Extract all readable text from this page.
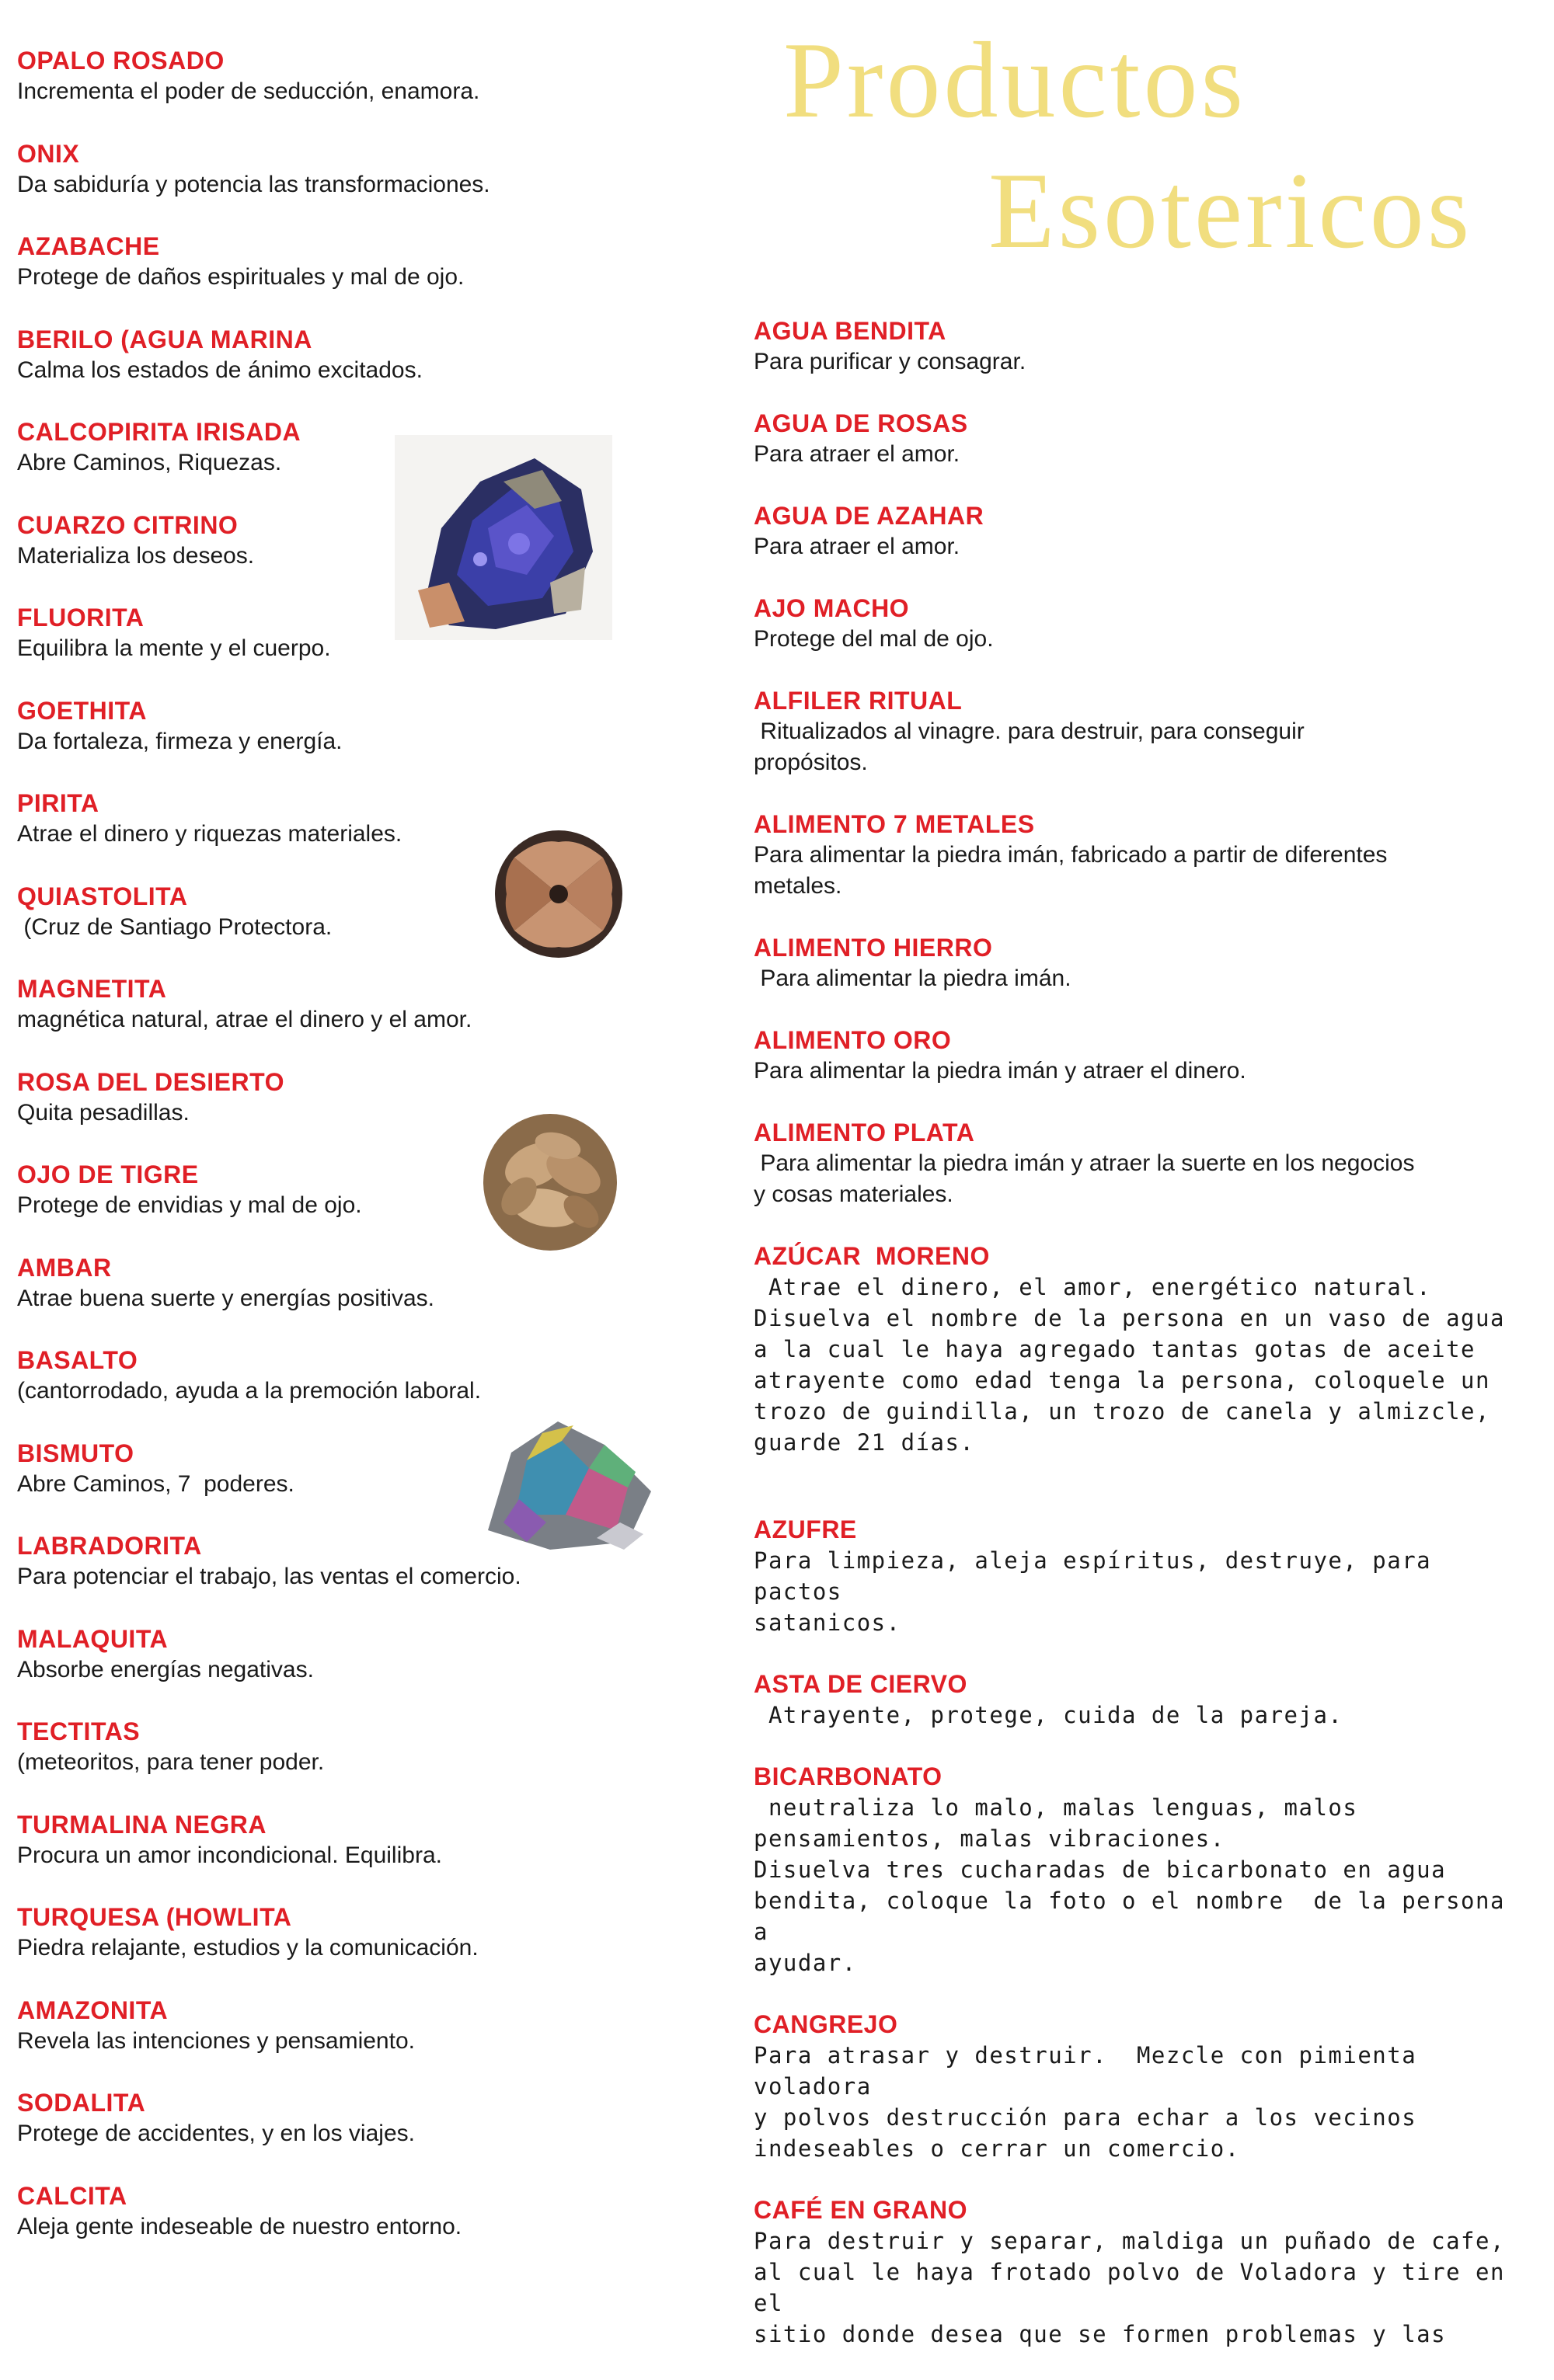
Productos
Esotericos
OPALO ROSADO
Incrementa el poder de seducción, enamora.
ONIX
Da sabiduría y potencia las transformaciones.
AZABACHE
Protege de daños espirituales y mal de ojo.
BERILO (AGUA MARINA
Calma los estados de ánimo excitados.
CALCOPIRITA IRISADA
Abre Caminos, Riquezas.
CUARZO CITRINO
Materializa los deseos.
FLUORITA
Equilibra la mente y el cuerpo.
GOETHITA
Da fortaleza, firmeza y energía.
PIRITA
Atrae el dinero y riquezas materiales.
QUIASTOLITA
(Cruz de Santiago Protectora.
MAGNETITA
magnética natural, atrae el dinero y el amor.
ROSA DEL DESIERTO
Quita pesadillas.
OJO DE TIGRE
Protege de envidias y mal de ojo.
AMBAR
Atrae buena suerte y energías positivas.
BASALTO
(cantorrodado, ayuda a la premoción laboral.
BISMUTO
Abre Caminos, 7  poderes.
LABRADORITA
Para potenciar el trabajo, las ventas el comercio.
MALAQUITA
Absorbe energías negativas.
TECTITAS
(meteoritos, para tener poder.
TURMALINA NEGRA
Procura un amor incondicional. Equilibra.
TURQUESA (HOWLITA
Piedra relajante, estudios y la comunicación.
AMAZONITA
Revela las intenciones y pensamiento.
SODALITA
Protege de accidentes, y en los viajes.
CALCITA
Aleja gente indeseable de nuestro entorno.
AGUA BENDITA
Para purificar y consagrar.
AGUA DE ROSAS
Para atraer el amor.
AGUA DE AZAHAR
Para atraer el amor.
AJO MACHO
Protege del mal de ojo.
ALFILER RITUAL
Ritualizados al vinagre. para destruir, para conseguir
propósitos.
ALIMENTO 7 METALES
Para alimentar la piedra imán, fabricado a partir de diferentes
metales.
ALIMENTO HIERRO
Para alimentar la piedra imán.
ALIMENTO ORO
Para alimentar la piedra imán y atraer el dinero.
ALIMENTO PLATA
Para alimentar la piedra imán y atraer la suerte en los negocios
y cosas materiales.
AZÚCAR  MORENO
Atrae el dinero, el amor, energético natural.
Disuelva el nombre de la persona en un vaso de agua
a la cual le haya agregado tantas gotas de aceite
atrayente como edad tenga la persona, coloquele un
trozo de guindilla, un trozo de canela y almizcle,
guarde 21 días.
AZUFRE
Para limpieza, aleja espíritus, destruye, para pactos
satanicos.
ASTA DE CIERVO
Atrayente, protege, cuida de la pareja.
BICARBONATO
neutraliza lo malo, malas lenguas, malos
pensamientos, malas vibraciones.
Disuelva tres cucharadas de bicarbonato en agua
bendita, coloque la foto o el nombre  de la persona a
ayudar.
CANGREJO
Para atrasar y destruir.  Mezcle con pimienta voladora
y polvos destrucción para echar a los vecinos
indeseables o cerrar un comercio.
CAFÉ EN GRANO
Para destruir y separar, maldiga un puñado de cafe,
al cual le haya frotado polvo de Voladora y tire en el
sitio donde desea que se formen problemas y las
